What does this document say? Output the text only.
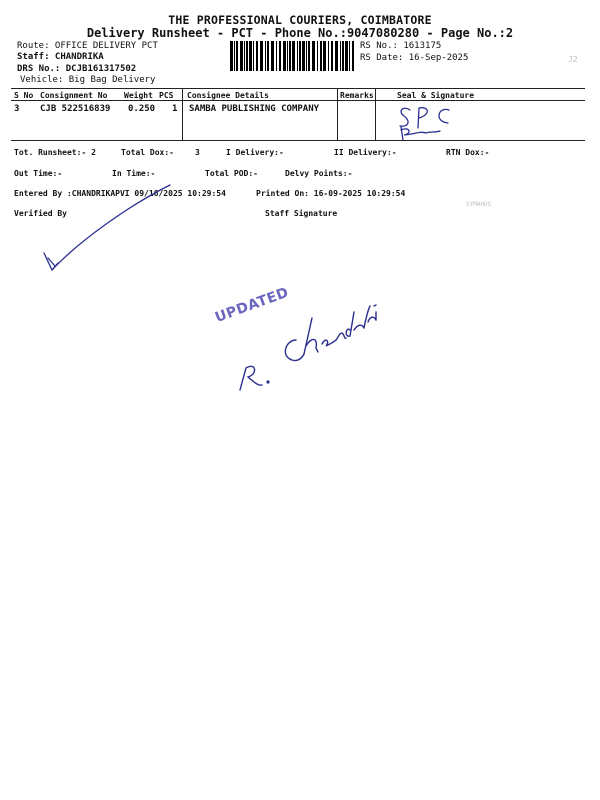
THE PROFESSIONAL COURIERS, COIMBATORE
Delivery Runsheet - PCT - Phone No.:9047080280 - Page No.:2
Route: OFFICE DELIVERY PCT
Staff: CHANDRIKA
DRS No.: DCJB161317502
Vehicle: Big Bag Delivery
RS No.: 1613175
RS Date: 16-Sep-2025	J2
S No Consignment No Weight PCS Consignee Details	Remarks	Seal & Signature
3 CJB 522516839 0.250 1 SAMBA PUBLISHING COMPANY
Tot. Runsheet:- 2	Total Dox:-	3	I Delivery:-	II Delivery:-	RTN Dox:-
Out Time:-	In Time:-	Total POD:-	Delvy Points:-
Entered By :CHANDRIKAPVI 09/16/2025 10:29:54	Printed On: 16-09-2025 10:29:54
SYMAHUS
Verified By	Staff Signature
UPDATED
